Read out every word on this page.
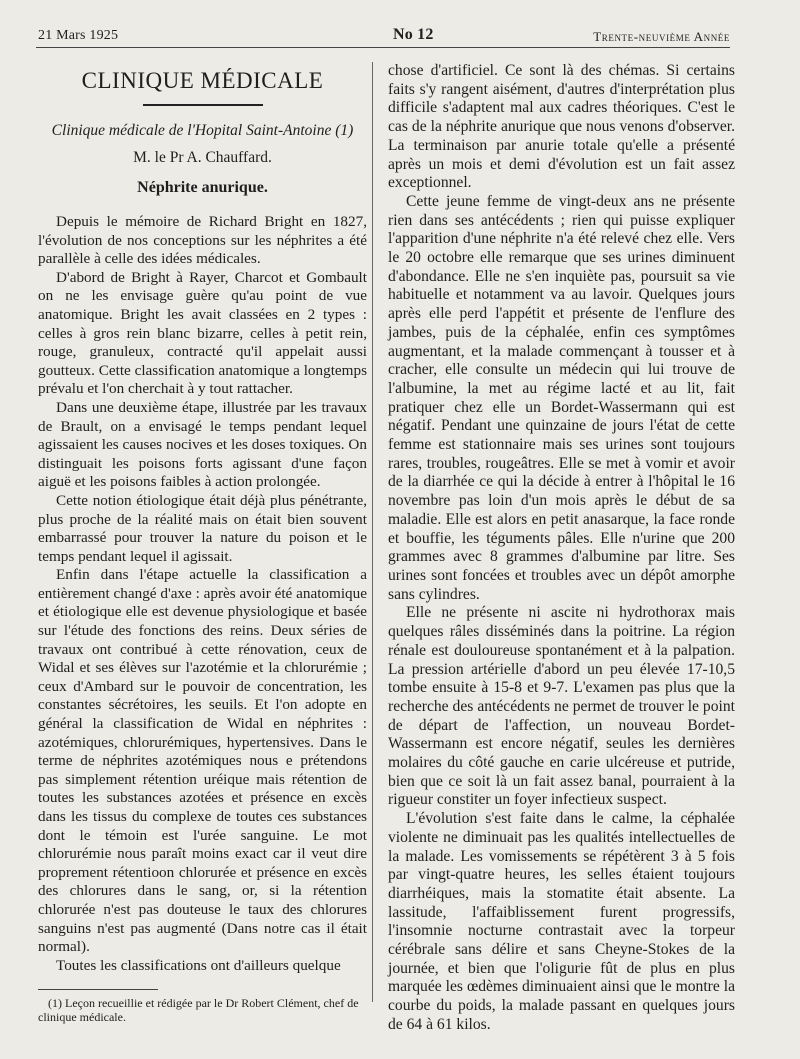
21 Mars 1925	No 12	Trente-neuvième Année
CLINIQUE MÉDICALE
Clinique médicale de l'Hopital Saint-Antoine (1)
M. le Pr A. Chauffard.
Néphrite anurique.

Depuis le mémoire de Richard Bright en 1827, l'évolution de nos conceptions sur les néphrites a été parallèle à celle des idées médicales.

D'abord de Bright à Rayer, Charcot et Gombault on ne les envisage guère qu'au point de vue anatomique. Bright les avait classées en 2 types : celles à gros rein blanc bizarre, celles à petit rein, rouge, granuleux, contracté qu'il appelait aussi goutteux. Cette classification anatomique a longtemps prévalu et l'on cherchait à y tout rattacher.

Dans une deuxième étape, illustrée par les travaux de Brault, on a envisagé le temps pendant lequel agissaient les causes nocives et les doses toxiques. On distinguait les poisons forts agissant d'une façon aiguë et les poisons faibles à action prolongée.

Cette notion étiologique était déjà plus pénétrante, plus proche de la réalité mais on était bien souvent embarrassé pour trouver la nature du poison et le temps pendant lequel il agissait.

Enfin dans l'étape actuelle la classification a entièrement changé d'axe : après avoir été anatomique et étiologique elle est devenue physiologique et basée sur l'étude des fonctions des reins. Deux séries de travaux ont contribué à cette rénovation, ceux de Widal et ses élèves sur l'azotémie et la chlorurémie ; ceux d'Ambard sur le pouvoir de concentration, les constantes sécrétoires, les seuils. Et l'on adopte en général la classification de Widal en néphrites : azotémiques, chlorurémiques, hypertensives. Dans le terme de néphrites azotémiques nous e prétendons pas simplement rétention uréique mais rétention de toutes les substances azotées et présence en excès dans les tissus du complexe de toutes ces substances dont le témoin est l'urée sanguine. Le mot chlorurémie nous paraît moins exact car il veut dire proprement rétentioon chlorurée et présence en excès des chlorures dans le sang, or, si la rétention chlorurée n'est pas douteuse le taux des chlorures sanguins n'est pas augmenté (Dans notre cas il était normal).

Toutes les classifications ont d'ailleurs quelque

(1) Leçon recueillie et rédigée par le Dr Robert Clément, chef de clinique médicale.

chose d'artificiel. Ce sont là des chémas. Si certains faits s'y rangent aisément, d'autres d'interprétation plus difficile s'adaptent mal aux cadres théoriques. C'est le cas de la néphrite anurique que nous venons d'observer. La terminaison par anurie totale qu'elle a présenté après un mois et demi d'évolution est un fait assez exceptionnel.

Cette jeune femme de vingt-deux ans ne présente rien dans ses antécédents ; rien qui puisse expliquer l'apparition d'une néphrite n'a été relevé chez elle. Vers le 20 octobre elle remarque que ses urines diminuent d'abondance. Elle ne s'en inquiète pas, poursuit sa vie habituelle et notamment va au lavoir. Quelques jours après elle perd l'appétit et présente de l'enflure des jambes, puis de la céphalée, enfin ces symptômes augmentant, et la malade commençant à tousser et à cracher, elle consulte un médecin qui lui trouve de l'albumine, la met au régime lacté et au lit, fait pratiquer chez elle un Bordet-Wassermann qui est négatif. Pendant une quinzaine de jours l'état de cette femme est stationnaire mais ses urines sont toujours rares, troubles, rougeâtres. Elle se met à vomir et avoir de la diarrhée ce qui la décide à entrer à l'hôpital le 16 novembre pas loin d'un mois après le début de sa maladie. Elle est alors en petit anasarque, la face ronde et bouffie, les téguments pâles. Elle n'urine que 200 grammes avec 8 grammes d'albumine par litre. Ses urines sont foncées et troubles avec un dépôt amorphe sans cylindres.

Elle ne présente ni ascite ni hydrothorax mais quelques râles disséminés dans la poitrine. La région rénale est douloureuse spontanément et à la palpation. La pression artérielle d'abord un peu élevée 17-10,5 tombe ensuite à 15-8 et 9-7. L'examen pas plus que la recherche des antécédents ne permet de trouver le point de départ de l'affection, un nouveau Bordet-Wassermann est encore négatif, seules les dernières molaires du côté gauche en carie ulcéreuse et putride, bien que ce soit là un fait assez banal, pourraient à la rigueur constiter un foyer infectieux suspect.

L'évolution s'est faite dans le calme, la céphalée violente ne diminuait pas les qualités intellectuelles de la malade. Les vomissements se répétèrent 3 à 5 fois par vingt-quatre heures, les selles étaient toujours diarrhéiques, mais la stomatite était absente. La lassitude, l'affaiblissement furent progressifs, l'insomnie nocturne contrastait avec la torpeur cérébrale sans délire et sans Cheyne-Stokes de la journée, et bien que l'oligurie fût de plus en plus marquée les œdèmes diminuaient ainsi que le montre la courbe du poids, la malade passant en quelques jours de 64 à 61 kilos.
